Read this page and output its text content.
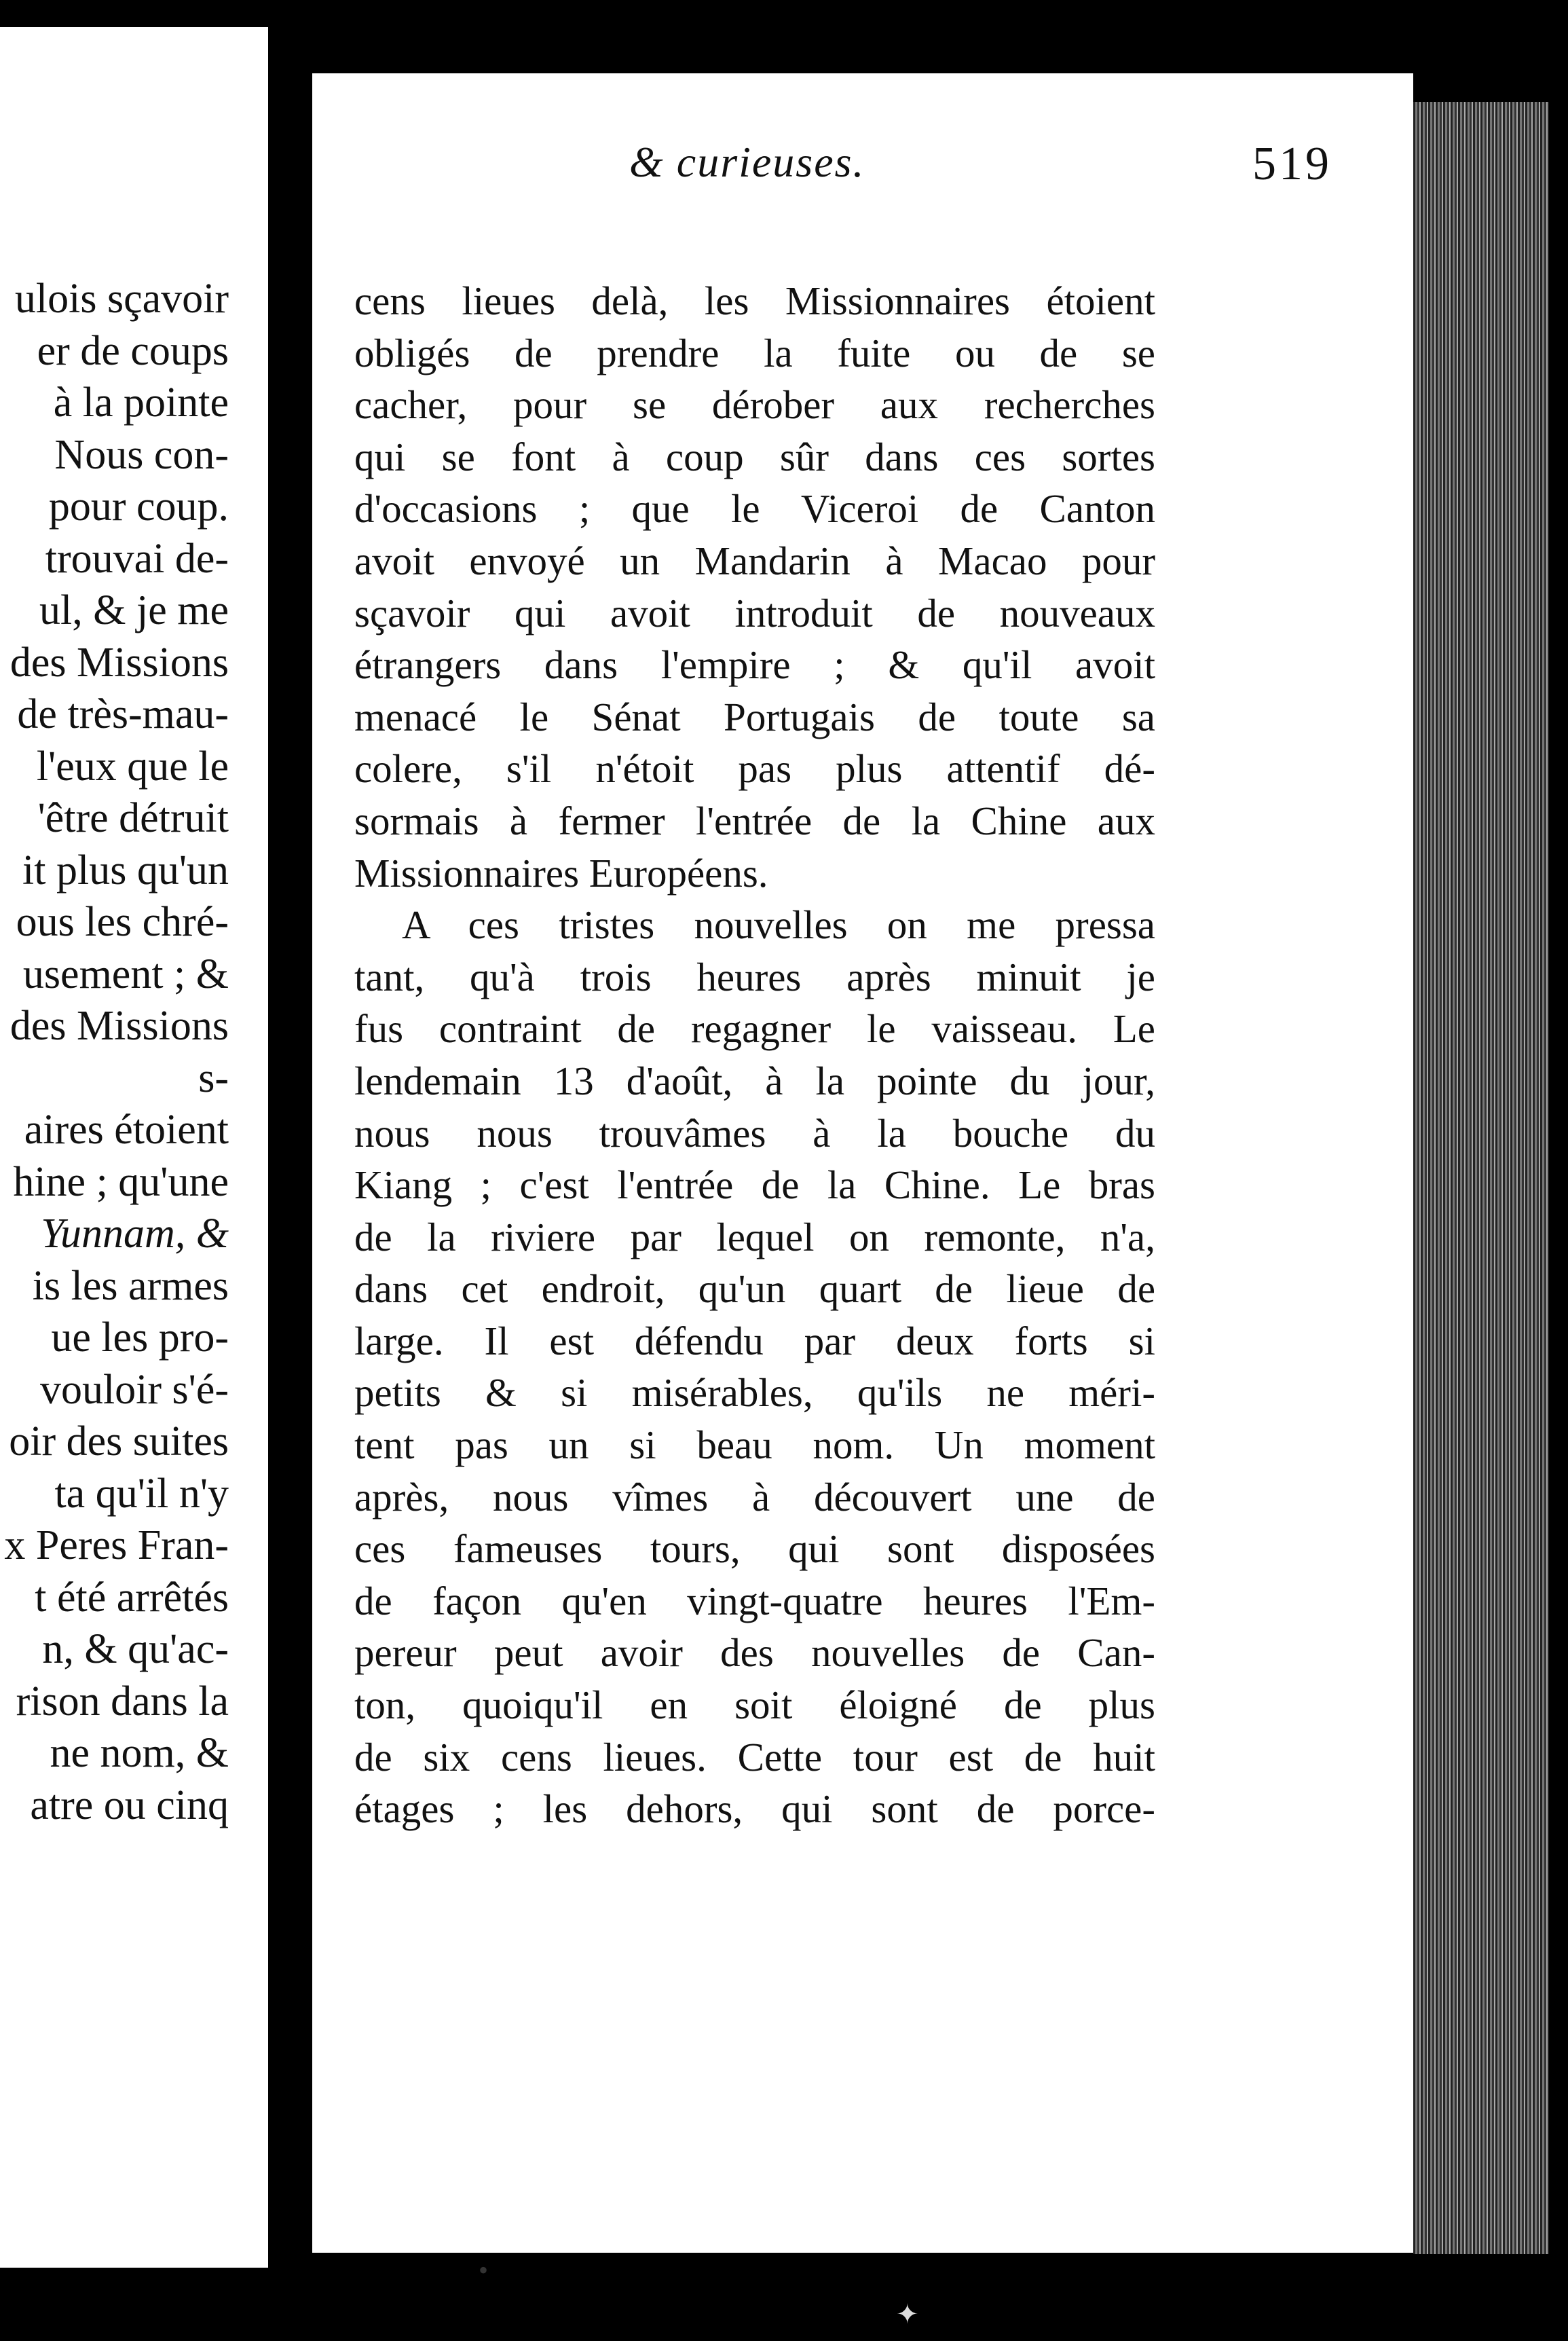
ulois sçavoir
er de coups
à la pointe
Nous con-
pour coup.
trouvai de-
ul, & je me
des Missions
de très-mau-
l'eux que le
'être détruit
it plus qu'un
ous les chré-
usement ; &
des Missions
s-
aires étoient
hine ; qu'une
Yunnam, &
is les armes
ue les pro-
vouloir s'é-
oir des suites
ta qu'il n'y
x Peres Fran-
t été arrêtés
n, & qu'ac-
rison dans la
ne nom, &
atre ou cinq
& curieuses.	519
cens lieues delà, les Missionnaires étoient
obligés de prendre la fuite ou de se
cacher, pour se dérober aux recherches
qui se font à coup sûr dans ces sortes
d'occasions ; que le Viceroi de Canton
avoit envoyé un Mandarin à Macao pour
sçavoir qui avoit introduit de nouveaux
étrangers dans l'empire ; & qu'il avoit
menacé le Sénat Portugais de toute sa
colere, s'il n'étoit pas plus attentif dé-
sormais à fermer l'entrée de la Chine aux
Missionnaires Européens.
A ces tristes nouvelles on me pressa
tant, qu'à trois heures après minuit je
fus contraint de regagner le vaisseau. Le
lendemain 13 d'août, à la pointe du jour,
nous nous trouvâmes à la bouche du
Kiang ; c'est l'entrée de la Chine. Le bras
de la riviere par lequel on remonte, n'a,
dans cet endroit, qu'un quart de lieue de
large. Il est défendu par deux forts si
petits & si misérables, qu'ils ne méri-
tent pas un si beau nom. Un moment
après, nous vîmes à découvert une de
ces fameuses tours, qui sont disposées
de façon qu'en vingt-quatre heures l'Em-
pereur peut avoir des nouvelles de Can-
ton, quoiqu'il en soit éloigné de plus
de six cens lieues. Cette tour est de huit
étages ; les dehors, qui sont de porce-
•
✦
